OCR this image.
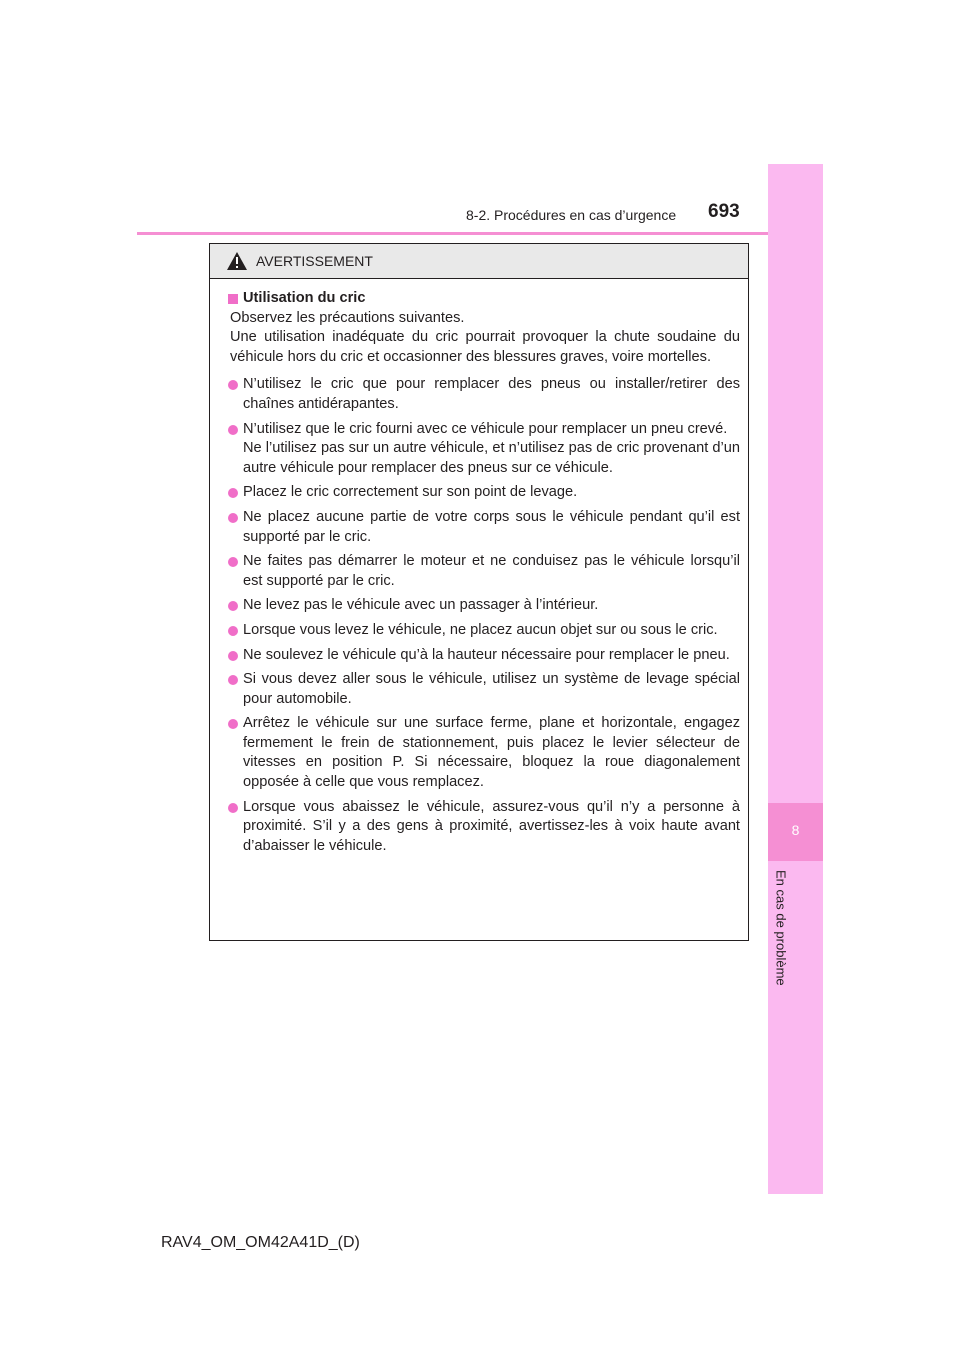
8-2. Procédures en cas d’urgence 693
8
En cas de problème
AVERTISSEMENT
Utilisation du cric

Observez les précautions suivantes.

Une utilisation inadéquate du cric pourrait provoquer la chute soudaine du véhicule hors du cric et occasionner des blessures graves, voire mortelles.

N’utilisez le cric que pour remplacer des pneus ou installer/retirer des chaînes antidérapantes.
N’utilisez que le cric fourni avec ce véhicule pour remplacer un pneu crevé.
Ne l’utilisez pas sur un autre véhicule, et n’utilisez pas de cric provenant d’un autre véhicule pour remplacer des pneus sur ce véhicule.
Placez le cric correctement sur son point de levage.
Ne placez aucune partie de votre corps sous le véhicule pendant qu’il est supporté par le cric.
Ne faites pas démarrer le moteur et ne conduisez pas le véhicule lorsqu’il est supporté par le cric.
Ne levez pas le véhicule avec un passager à l’intérieur.
Lorsque vous levez le véhicule, ne placez aucun objet sur ou sous le cric.
Ne soulevez le véhicule qu’à la hauteur nécessaire pour remplacer le pneu.
Si vous devez aller sous le véhicule, utilisez un système de levage spécial pour automobile.
Arrêtez le véhicule sur une surface ferme, plane et horizontale, engagez fermement le frein de stationnement, puis placez le levier sélecteur de vitesses en position P. Si nécessaire, bloquez la roue diagonalement opposée à celle que vous remplacez.
Lorsque vous abaissez le véhicule, assurez-vous qu’il n’y a personne à proximité. S’il y a des gens à proximité, avertissez-les à voix haute avant d’abaisser le véhicule.
RAV4_OM_OM42A41D_(D)
